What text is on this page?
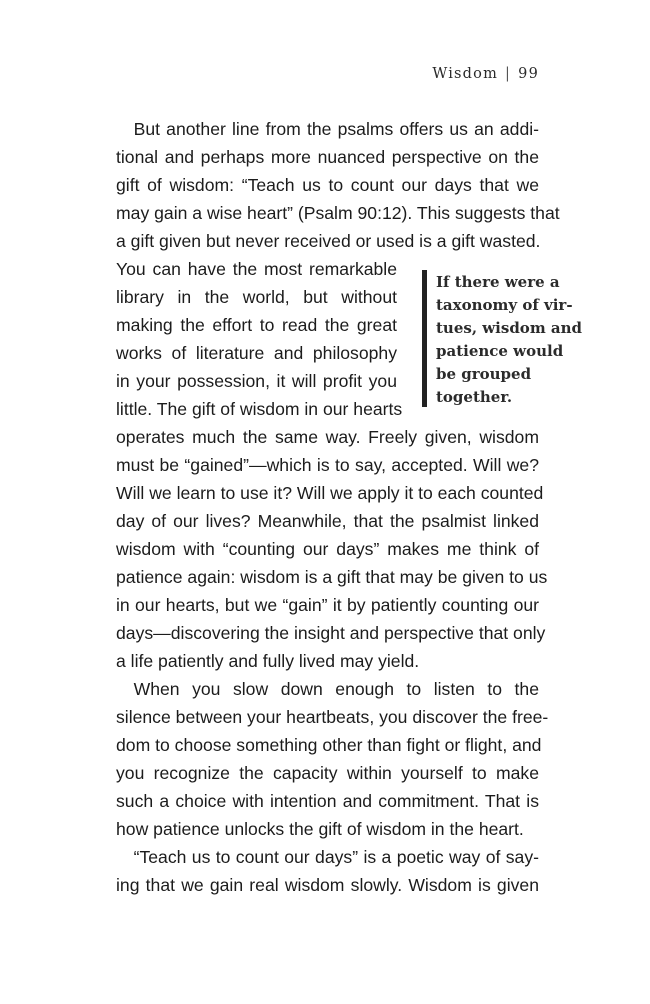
Wisdom | 99
 But another line from the psalms offers us an addi-
tional and perhaps more nuanced perspective on the
gift of wisdom: “Teach us to count our days that we
may gain a wise heart” (Psalm 90:12). This suggests that
a gift given but never received or used is a gift wasted.
You can have the most remarkable
library in the world, but without
making the effort to read the great
works of literature and philosophy
in your possession, it will profit you
little. The gift of wisdom in our hearts
operates much the same way. Freely given, wisdom
must be “gained”—which is to say, accepted. Will we?
Will we learn to use it? Will we apply it to each counted
day of our lives? Meanwhile, that the psalmist linked
wisdom with “counting our days” makes me think of
patience again: wisdom is a gift that may be given to us
in our hearts, but we “gain” it by patiently counting our
days—discovering the insight and perspective that only
a life patiently and fully lived may yield.
 When you slow down enough to listen to the
silence between your heartbeats, you discover the free-
dom to choose something other than fight or flight, and
you recognize the capacity within yourself to make
such a choice with intention and commitment. That is
how patience unlocks the gift of wisdom in the heart.
 “Teach us to count our days” is a poetic way of say-
ing that we gain real wisdom slowly. Wisdom is given
If there were a
taxonomy of vir-
tues, wisdom and
patience would
be grouped
together.
